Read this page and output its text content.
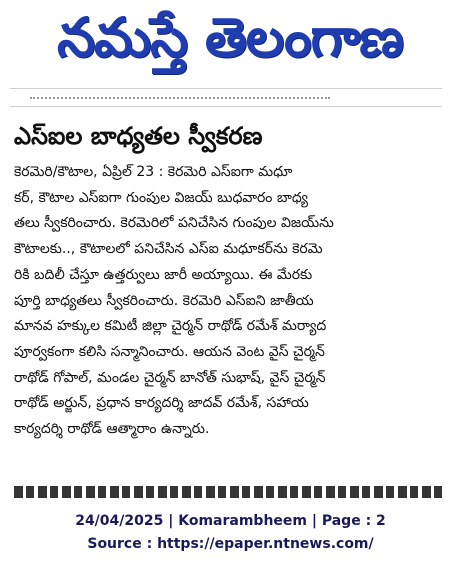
నమస్తే తెలంగాణ
ఎస్ఐల బాధ్యతల స్వీకరణ
కెరమెరి/కౌటాల, ఏప్రిల్ 23 : కెరమెరి ఎస్ఐగా మధూ
కర్, కౌటాల ఎస్ఐగా గుంపుల విజయ్ బుధవారం బాధ్య
తలు స్వీకరించారు. కెరమెరిలో పనిచేసిన గుంపుల విజయ్‌ను
కౌటాలకు.., కౌటాలలో పనిచేసిన ఎస్ఐ మధూకర్‌ను కెరమె
రికి బదిలీ చేస్తూ ఉత్తర్వులు జారీ అయ్యాయి. ఈ మేరకు
పూర్తి బాధ్యతలు స్వీకరించారు. కెరమెరి ఎస్ఐని జాతీయ
మానవ హక్కుల కమిటీ జిల్లా చైర్మన్ రాథోడ్ రమేశ్ మర్యాద
పూర్వకంగా కలిసి సన్మానించారు. ఆయన వెంట వైస్ చైర్మన్
రాథోడ్ గోపాల్, మండల చైర్మన్ బానోత్ సుభాష్, వైస్ చైర్మన్
రాథోడ్ అర్జున్, ప్రధాన కార్యదర్శి జాదవ్ రమేశ్, సహాయ
కార్యదర్శి రాథోడ్ ఆత్మారాం ఉన్నారు.
24/04/2025 | Komarambheem | Page : 2
Source : https://epaper.ntnews.com/
